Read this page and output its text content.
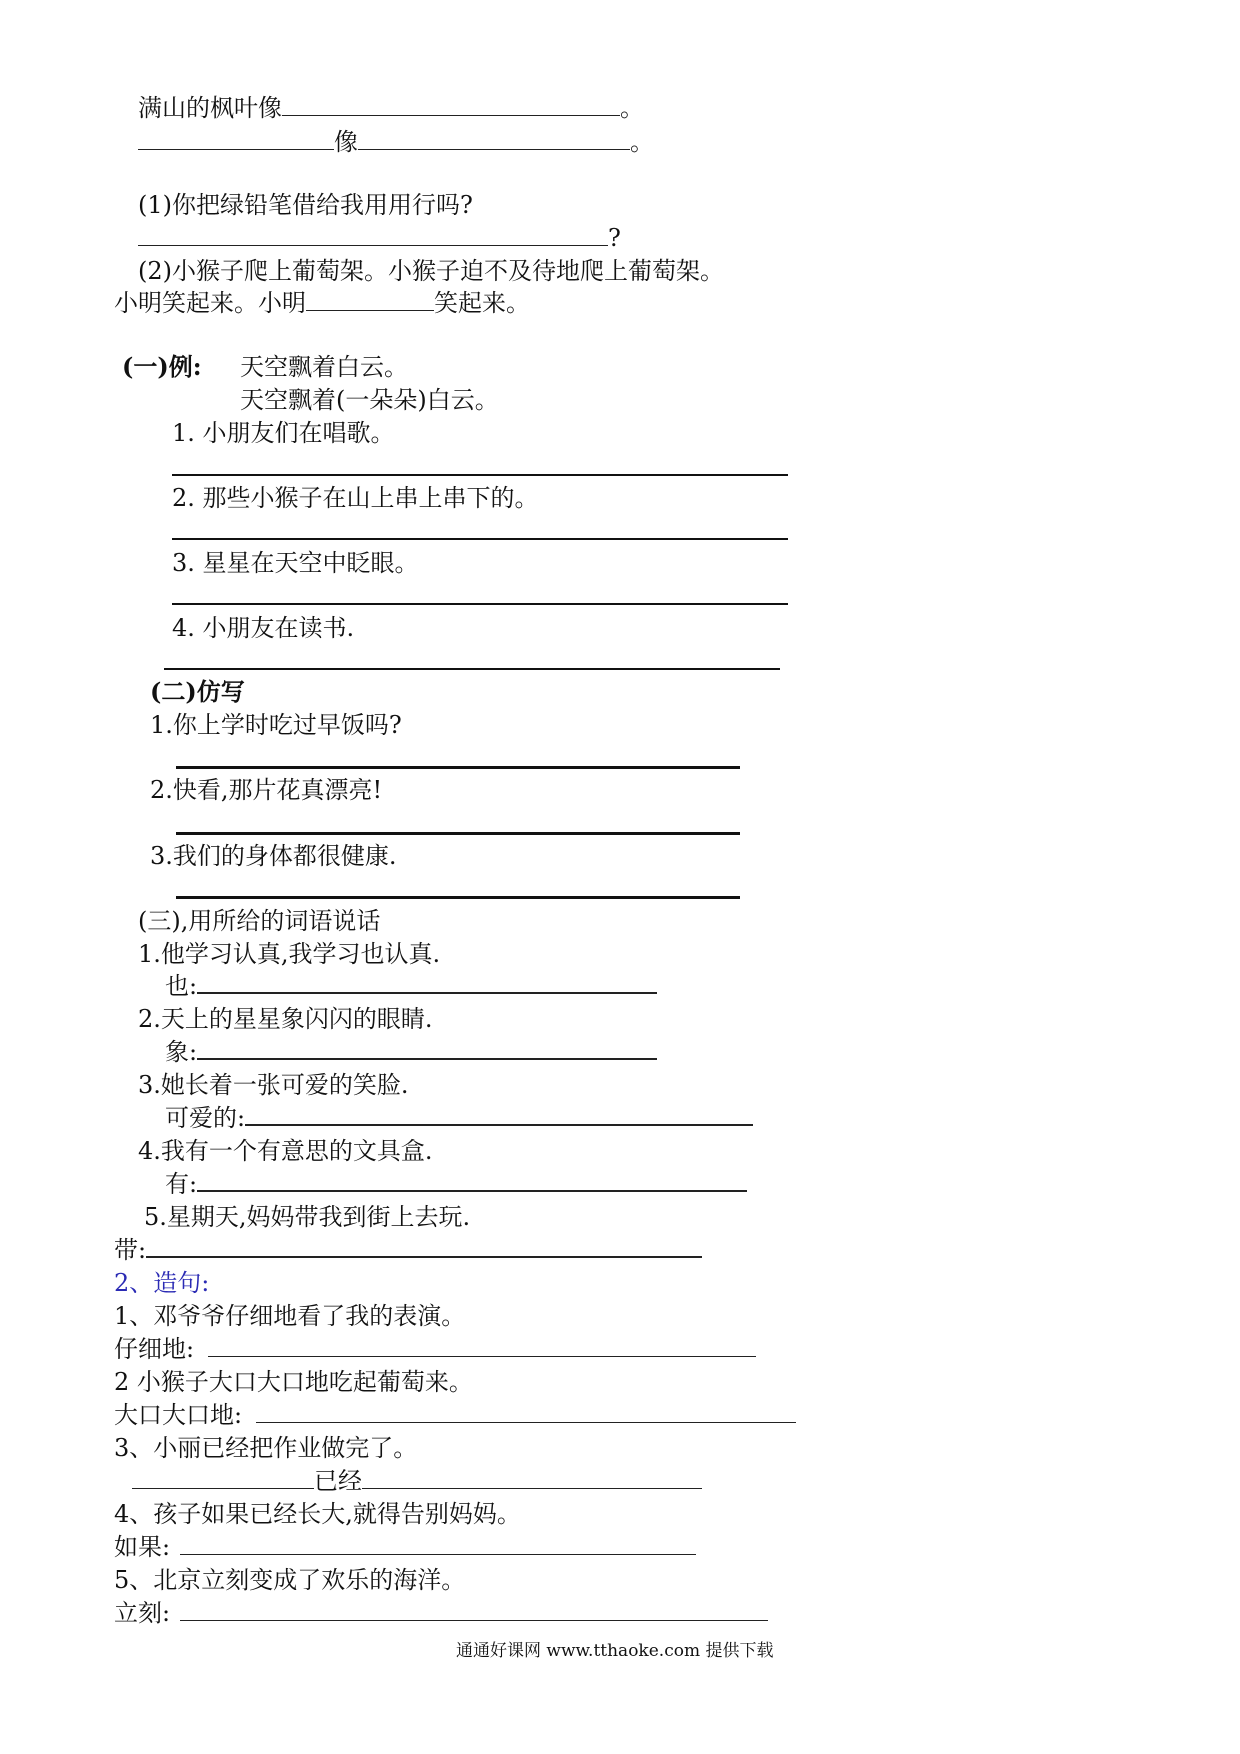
满山的枫叶像	。
像	。
(1)你把绿铅笔借给我用用行吗?
?
(2)小猴子爬上葡萄架。小猴子迫不及待地爬上葡萄架。
小明笑起来。小明	笑起来。
(一)例: 天空飘着白云。
天空飘着(一朵朵)白云。
1. 小朋友们在唱歌。
2. 那些小猴子在山上串上串下的。
3. 星星在天空中眨眼。
4. 小朋友在读书.
(二)仿写
1.你上学时吃过早饭吗?
2.快看,那片花真漂亮!
3.我们的身体都很健康.
(三),用所给的词语说话
1.他学习认真,我学习也认真.
也:
2.天上的星星象闪闪的眼睛.
象:
3.她长着一张可爱的笑脸.
可爱的:
4.我有一个有意思的文具盒.
有:
5.星期天,妈妈带我到街上去玩.
带:
2、造句:
1、邓爷爷仔细地看了我的表演。
仔细地:
2 小猴子大口大口地吃起葡萄来。
大口大口地:
3、小丽已经把作业做完了。
已经
4、孩子如果已经长大,就得告别妈妈。
如果:
5、北京立刻变成了欢乐的海洋。
立刻:
通通好课网 www.tthaoke.com 提供下载
